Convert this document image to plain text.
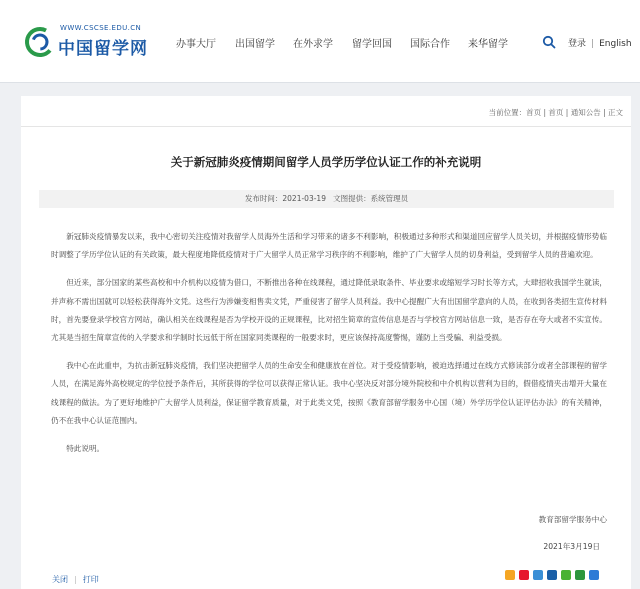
WWW.CSCSE.EDU.CN
中国留学网	办事大厅 出国留学 在外求学 留学回国 国际合作 来华留学	登录 | English
当前位置：首页 | 首页 | 通知公告 | 正文
关于新冠肺炎疫情期间留学人员学历学位认证工作的补充说明
发布时间：2021-03-19 文图提供：系统管理员

新冠肺炎疫情暴发以来，我中心密切关注疫情对我留学人员海外生活和学习带来的诸多不利影响，积极通过多种形式和渠道回应留学人员关切，并根据疫情形势临时调整了学历学位认证的有关政策，最大程度地降低疫情对于广大留学人员正常学习秩序的不利影响，维护了广大留学人员的切身利益，受到留学人员的普遍欢迎。

但近来，部分国家的某些高校和中介机构以疫情为借口，不断推出各种在线课程，通过降低录取条件、毕业要求或缩短学习时长等方式，大肆招收我国学生就读，并声称不需出国就可以轻松获得海外文凭。这些行为涉嫌变相售卖文凭，严重侵害了留学人员利益。我中心提醒广大有出国留学意向的人员，在收到各类招生宣传材料时，首先要登录学校官方网站，确认相关在线课程是否为学校开设的正规课程，比对招生简章的宣传信息是否与学校官方网站信息一致，是否存在夸大或者不实宣传。尤其是当招生简章宣传的入学要求和学制时长远低于所在国家同类课程的一般要求时，更应该保持高度警惕，谨防上当受骗、利益受损。

我中心在此重申，为抗击新冠肺炎疫情，我们坚决把留学人员的生命安全和健康放在首位。对于受疫情影响，被迫选择通过在线方式修读部分或者全部课程的留学人员，在满足海外高校规定的学位授予条件后，其所获得的学位可以获得正常认证。我中心坚决反对部分境外院校和中介机构以营利为目的，假借疫情夹击增开大量在线课程的做法。为了更好地维护广大留学人员利益，保证留学教育质量，对于此类文凭，按照《教育部留学服务中心国（境）外学历学位认证评估办法》的有关精神，仍不在我中心认证范围内。

特此说明。

教育部留学服务中心
2021年3月19日
关闭 | 打印
